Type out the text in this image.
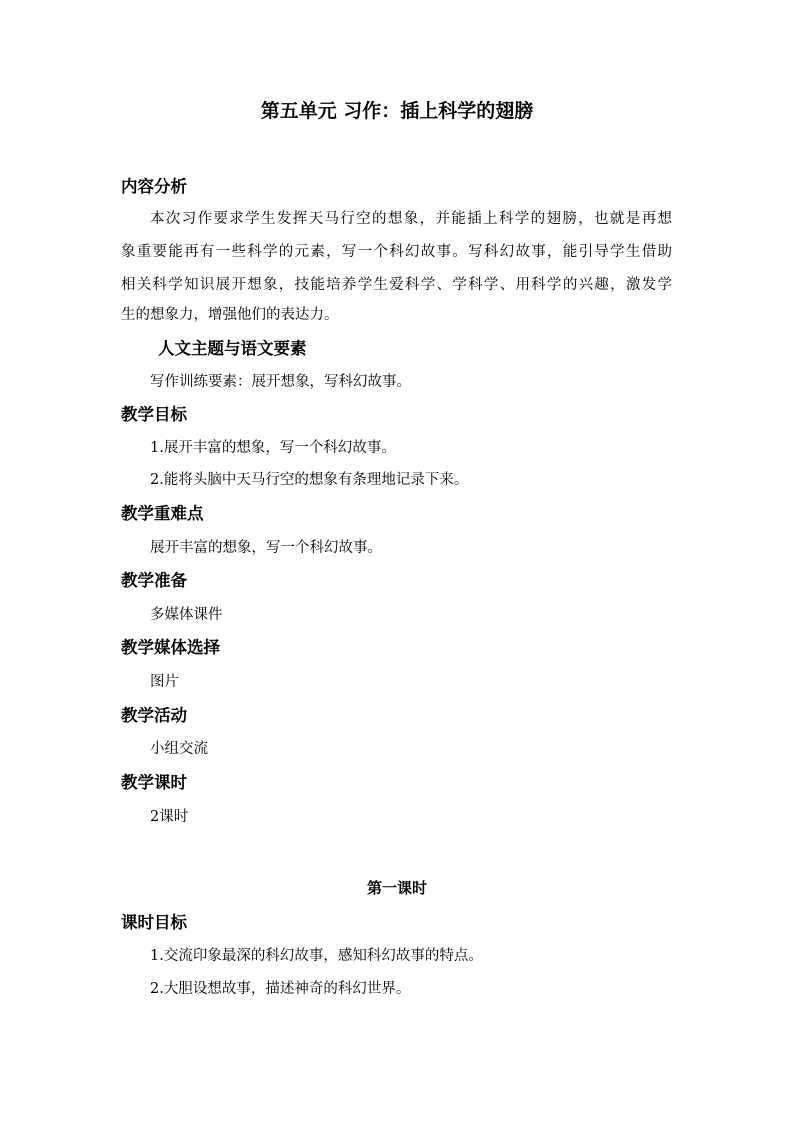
第五单元 习作：插上科学的翅膀
内容分析
本次习作要求学生发挥天马行空的想象，并能插上科学的翅膀，也就是再想
象重要能再有一些科学的元素，写一个科幻故事。写科幻故事，能引导学生借助
相关科学知识展开想象，技能培养学生爱科学、学科学、用科学的兴趣，激发学
生的想象力，增强他们的表达力。
人文主题与语文要素
写作训练要素：展开想象，写科幻故事。
教学目标
1.展开丰富的想象，写一个科幻故事。
2.能将头脑中天马行空的想象有条理地记录下来。
教学重难点
展开丰富的想象，写一个科幻故事。
教学准备
多媒体课件
教学媒体选择
图片
教学活动
小组交流
教学课时
2课时
第一课时
课时目标
1.交流印象最深的科幻故事，感知科幻故事的特点。
2.大胆设想故事，描述神奇的科幻世界。
